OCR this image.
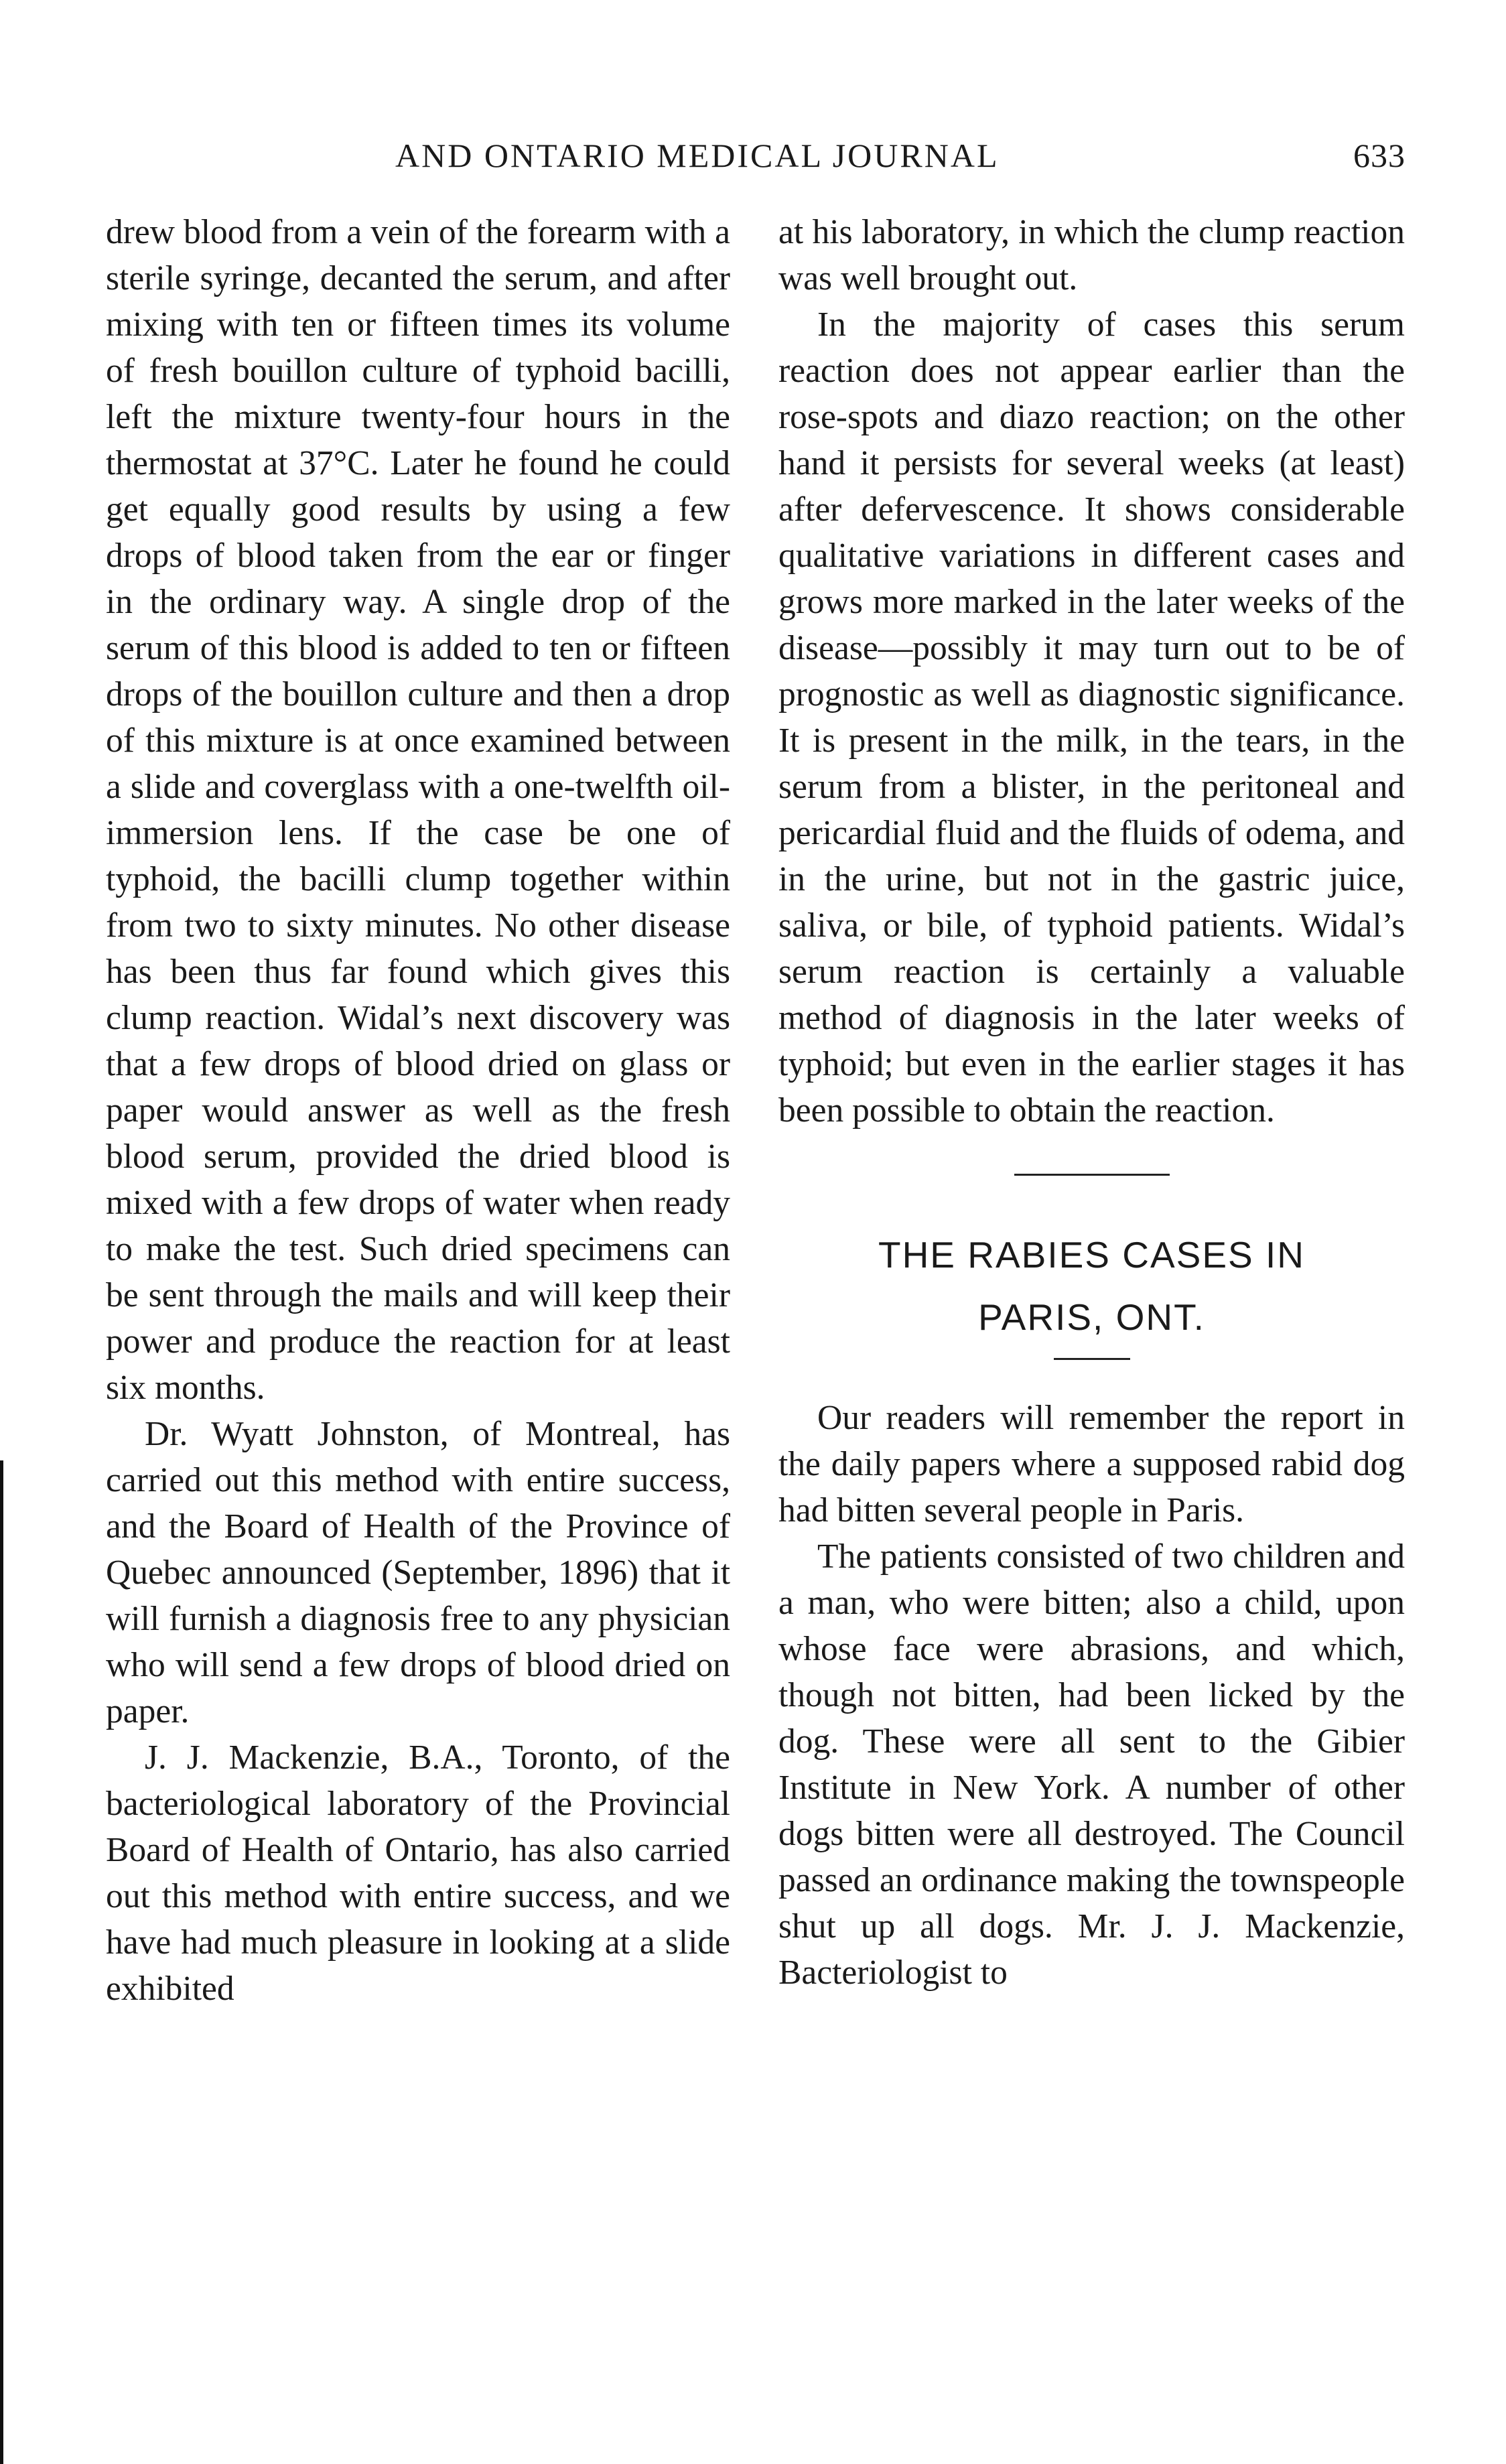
AND ONTARIO MEDICAL JOURNAL	633

drew blood from a vein of the forearm with a sterile syringe, decanted the serum, and after mixing with ten or fifteen times its volume of fresh bouillon culture of typhoid bacilli, left the mixture twenty-four hours in the thermostat at 37°C. Later he found he could get equally good results by using a few drops of blood taken from the ear or finger in the ordinary way. A single drop of the serum of this blood is added to ten or fifteen drops of the bouillon culture and then a drop of this mixture is at once examined between a slide and coverglass with a one-twelfth oil-immersion lens. If the case be one of typhoid, the bacilli clump together within from two to sixty minutes. No other disease has been thus far found which gives this clump reaction. Widal’s next discovery was that a few drops of blood dried on glass or paper would answer as well as the fresh blood serum, provided the dried blood is mixed with a few drops of water when ready to make the test. Such dried specimens can be sent through the mails and will keep their power and produce the reaction for at least six months.

Dr. Wyatt Johnston, of Montreal, has carried out this method with entire success, and the Board of Health of the Province of Quebec announced (September, 1896) that it will furnish a diagnosis free to any physician who will send a few drops of blood dried on paper.

J. J. Mackenzie, B.A., Toronto, of the bacteriological laboratory of the Provincial Board of Health of Ontario, has also carried out this method with entire success, and we have had much pleasure in looking at a slide exhibited

at his laboratory, in which the clump reaction was well brought out.

In the majority of cases this serum reaction does not appear earlier than the rose-spots and diazo reaction; on the other hand it persists for several weeks (at least) after defervescence. It shows considerable qualitative variations in different cases and grows more marked in the later weeks of the disease—possibly it may turn out to be of prognostic as well as diagnostic significance. It is present in the milk, in the tears, in the serum from a blister, in the peritoneal and pericardial fluid and the fluids of odema, and in the urine, but not in the gastric juice, saliva, or bile, of typhoid patients. Widal’s serum reaction is certainly a valuable method of diagnosis in the later weeks of typhoid; but even in the earlier stages it has been possible to obtain the reaction.

THE RABIES CASES IN
PARIS, ONT.

Our readers will remember the report in the daily papers where a supposed rabid dog had bitten several people in Paris.

The patients consisted of two children and a man, who were bitten; also a child, upon whose face were abrasions, and which, though not bitten, had been licked by the dog. These were all sent to the Gibier Institute in New York. A number of other dogs bitten were all destroyed. The Council passed an ordinance making the townspeople shut up all dogs. Mr. J. J. Mackenzie, Bacteriologist to
